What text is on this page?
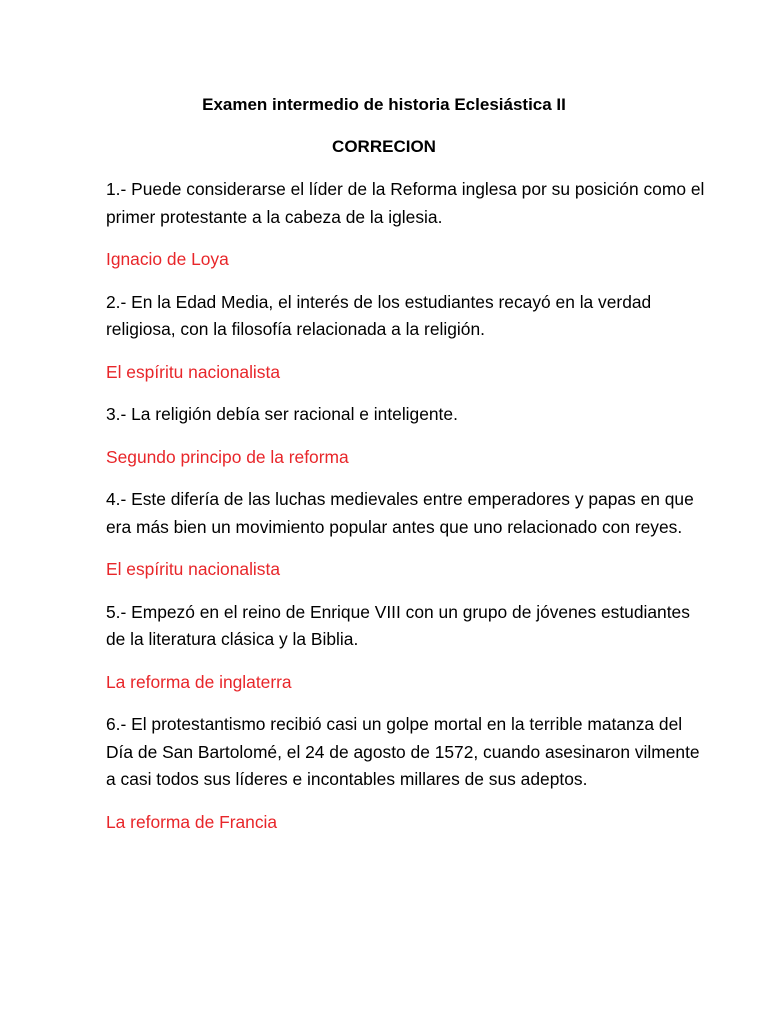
Examen intermedio de historia Eclesiástica II
CORRECION

1.- Puede considerarse el líder de la Reforma inglesa por su posición como el primer protestante a la cabeza de la iglesia.

Ignacio de Loya

2.- En la Edad Media, el interés de los estudiantes recayó en la verdad religiosa, con la filosofía relacionada a la religión.

El espíritu nacionalista

3.- La religión debía ser racional e inteligente.

Segundo principo de la reforma

4.- Este difería de las luchas medievales entre emperadores y papas en que era más bien un movimiento popular antes que uno relacionado con reyes.

El espíritu nacionalista

5.- Empezó en el reino de Enrique VIII con un grupo de jóvenes estudiantes de la literatura clásica y la Biblia.

La reforma de inglaterra

6.- El protestantismo recibió casi un golpe mortal en la terrible matanza del Día de San Bartolomé, el 24 de agosto de 1572, cuando asesinaron vilmente a casi todos sus líderes e incontables millares de sus adeptos.

La reforma de Francia
